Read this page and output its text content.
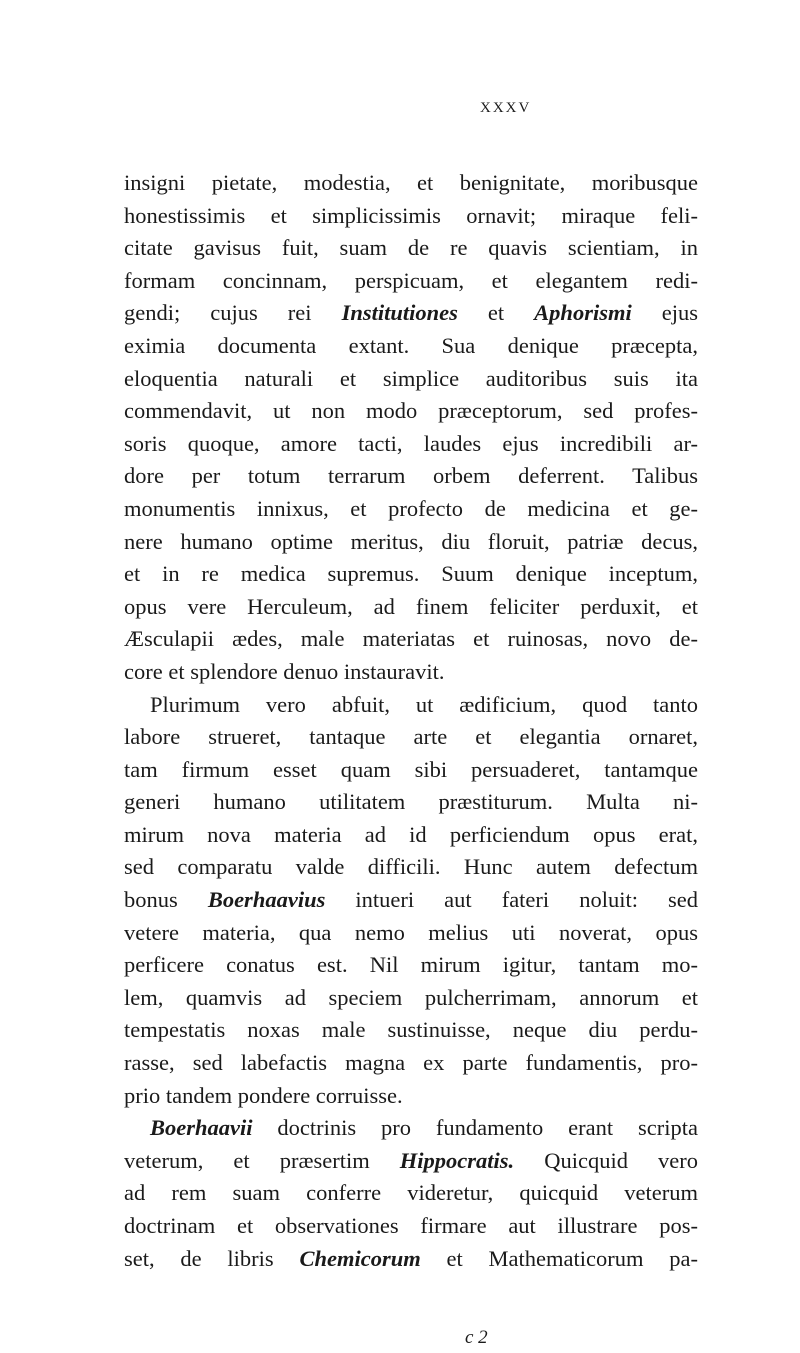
XXXV
insigni pietate, modestia, et benignitate, moribusque
honestissimis et simplicissimis ornavit; miraque feli-
citate gavisus fuit, suam de re quavis scientiam, in
formam concinnam, perspicuam, et elegantem redi-
gendi; cujus rei Institutiones et Aphorismi ejus
eximia documenta extant. Sua denique præcepta,
eloquentia naturali et simplice auditoribus suis ita
commendavit, ut non modo præceptorum, sed profes-
soris quoque, amore tacti, laudes ejus incredibili ar-
dore per totum terrarum orbem deferrent. Talibus
monumentis innixus, et profecto de medicina et ge-
nere humano optime meritus, diu floruit, patriæ decus,
et in re medica supremus. Suum denique inceptum,
opus vere Herculeum, ad finem feliciter perduxit, et
Æsculapii ædes, male materiatas et ruinosas, novo de-
core et splendore denuo instauravit.
Plurimum vero abfuit, ut ædificium, quod tanto
labore strueret, tantaque arte et elegantia ornaret,
tam firmum esset quam sibi persuaderet, tantamque
generi humano utilitatem præstiturum. Multa ni-
mirum nova materia ad id perficiendum opus erat,
sed comparatu valde difficili. Hunc autem defectum
bonus Boerhaavius intueri aut fateri noluit: sed
vetere materia, qua nemo melius uti noverat, opus
perficere conatus est. Nil mirum igitur, tantam mo-
lem, quamvis ad speciem pulcherrimam, annorum et
tempestatis noxas male sustinuisse, neque diu perdu-
rasse, sed labefactis magna ex parte fundamentis, pro-
prio tandem pondere corruisse.
Boerhaavii doctrinis pro fundamento erant scripta
veterum, et præsertim Hippocratis. Quicquid vero
ad rem suam conferre videretur, quicquid veterum
doctrinam et observationes firmare aut illustrare pos-
set, de libris Chemicorum et Mathematicorum pa-
c 2
